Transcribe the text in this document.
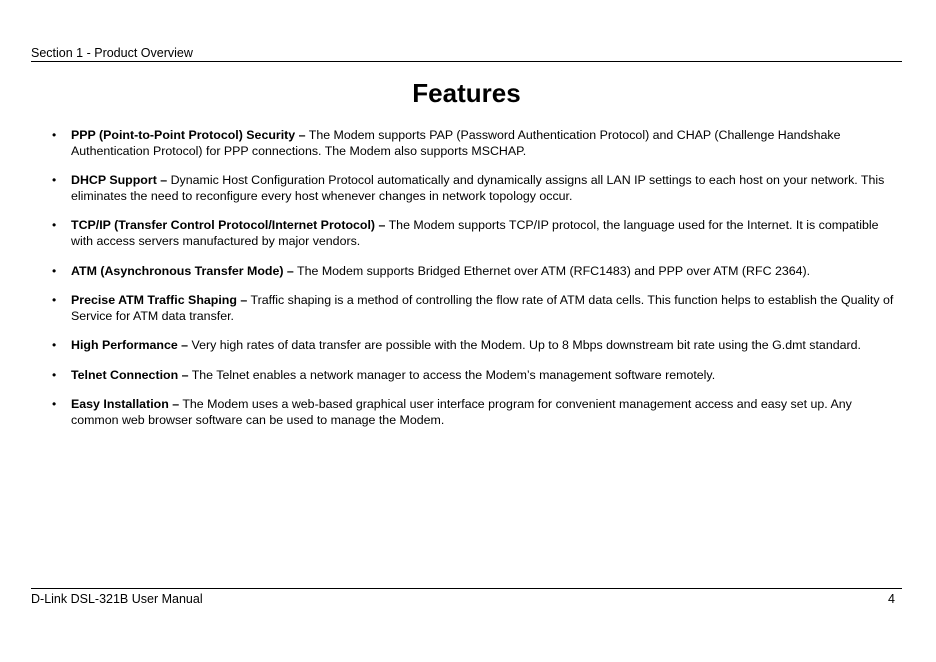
Section 1 - Product Overview
Features
• PPP (Point-to-Point Protocol) Security – The Modem supports PAP (Password Authentication Protocol) and CHAP (Challenge Handshake Authentication Protocol) for PPP connections. The Modem also supports MSCHAP.
• DHCP Support – Dynamic Host Configuration Protocol automatically and dynamically assigns all LAN IP settings to each host on your network. This eliminates the need to reconfigure every host whenever changes in network topology occur.
• TCP/IP (Transfer Control Protocol/Internet Protocol) – The Modem supports TCP/IP protocol, the language used for the Internet. It is compatible with access servers manufactured by major vendors.
• ATM (Asynchronous Transfer Mode) – The Modem supports Bridged Ethernet over ATM (RFC1483) and PPP over ATM (RFC 2364).
• Precise ATM Traffic Shaping – Traffic shaping is a method of controlling the flow rate of ATM data cells. This function helps to establish the Quality of Service for ATM data transfer.
• High Performance – Very high rates of data transfer are possible with the Modem. Up to 8 Mbps downstream bit rate using the G.dmt standard.
• Telnet Connection – The Telnet enables a network manager to access the Modem’s management software remotely.
• Easy Installation – The Modem uses a web-based graphical user interface program for convenient management access and easy set up. Any common web browser software can be used to manage the Modem.
D-Link DSL-321B User Manual	4
